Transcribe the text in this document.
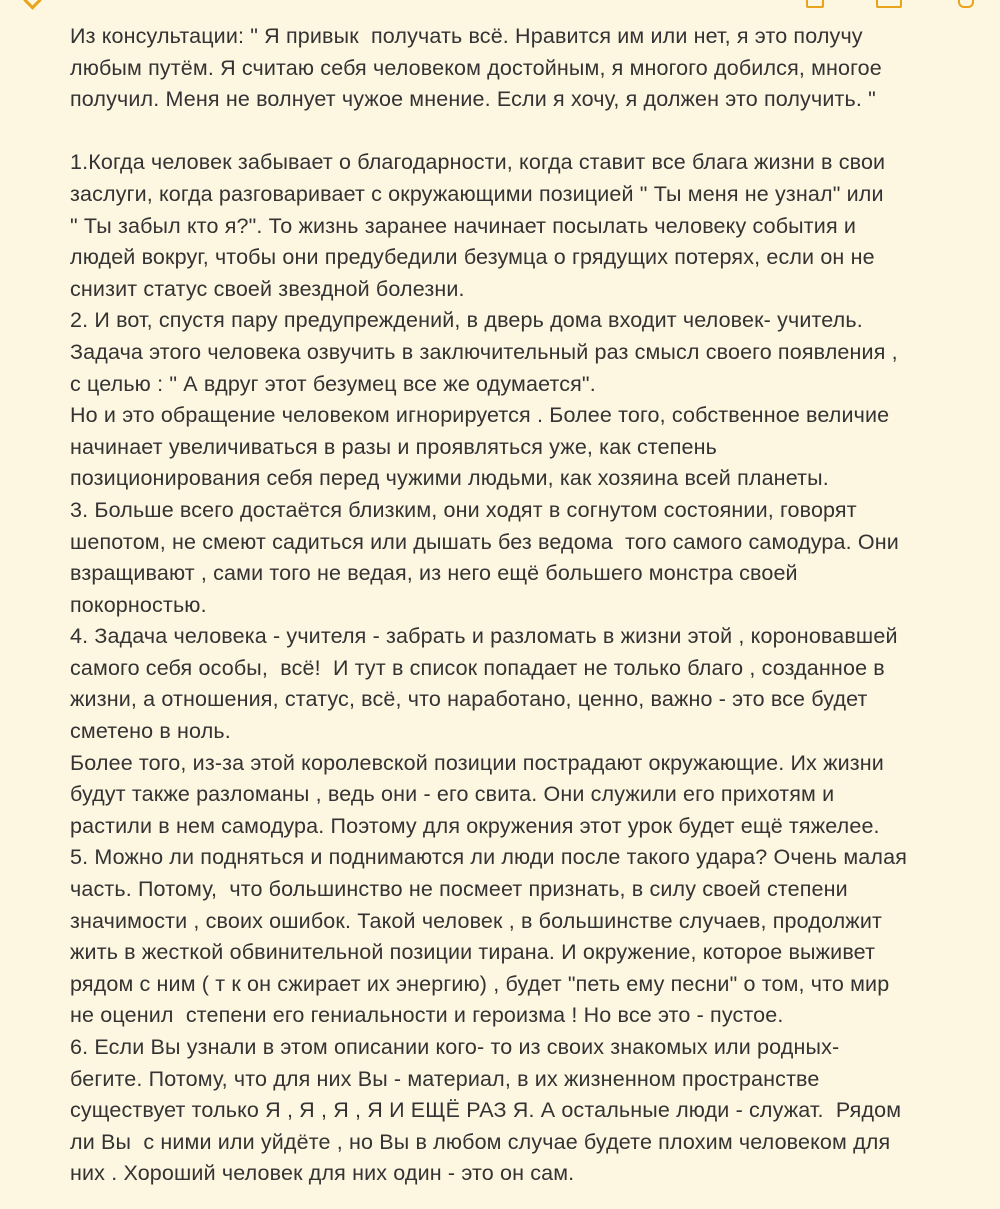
Из консультации: " Я привык  получать всё. Нравится им или нет, я это получу
любым путём. Я считаю себя человеком достойным, я многого добился, многое
получил. Меня не волнует чужое мнение. Если я хочу, я должен это получить. "
1.Когда человек забывает о благодарности, когда ставит все блага жизни в свои
заслуги, когда разговаривает с окружающими позицией " Ты меня не узнал" или
" Ты забыл кто я?". То жизнь заранее начинает посылать человеку события и
людей вокруг, чтобы они предубедили безумца о грядущих потерях, если он не
снизит статус своей звездной болезни.
2. И вот, спустя пару предупреждений, в дверь дома входит человек- учитель.
Задача этого человека озвучить в заключительный раз смысл своего появления ,
с целью : " А вдруг этот безумец все же одумается".
Но и это обращение человеком игнорируется . Более того, собственное величие
начинает увеличиваться в разы и проявляться уже, как степень
позиционирования себя перед чужими людьми, как хозяина всей планеты.
3. Больше всего достаётся близким, они ходят в согнутом состоянии, говорят
шепотом, не смеют садиться или дышать без ведома  того самого самодура. Они
взращивают , сами того не ведая, из него ещё большего монстра своей
покорностью.
4. Задача человека - учителя - забрать и разломать в жизни этой , короновавшей
самого себя особы,  всё!  И тут в список попадает не только благо , созданное в
жизни, а отношения, статус, всё, что наработано, ценно, важно - это все будет
сметено в ноль.
Более того, из-за этой королевской позиции пострадают окружающие. Их жизни
будут также разломаны , ведь они - его свита. Они служили его прихотям и
растили в нем самодура. Поэтому для окружения этот урок будет ещё тяжелее.
5. Можно ли подняться и поднимаются ли люди после такого удара? Очень малая
часть. Потому,  что большинство не посмеет признать, в силу своей степени
значимости , своих ошибок. Такой человек , в большинстве случаев, продолжит
жить в жесткой обвинительной позиции тирана. И окружение, которое выживет
рядом с ним ( т к он сжирает их энергию) , будет "петь ему песни" о том, что мир
не оценил  степени его гениальности и героизма ! Но все это - пустое.
6. Если Вы узнали в этом описании кого- то из своих знакомых или родных-
бегите. Потому, что для них Вы - материал, в их жизненном пространстве
существует только Я , Я , Я , Я И ЕЩЁ РАЗ Я. А остальные люди - служат.  Рядом
ли Вы  с ними или уйдёте , но Вы в любом случае будете плохим человеком для
них . Хороший человек для них один - это он сам.
